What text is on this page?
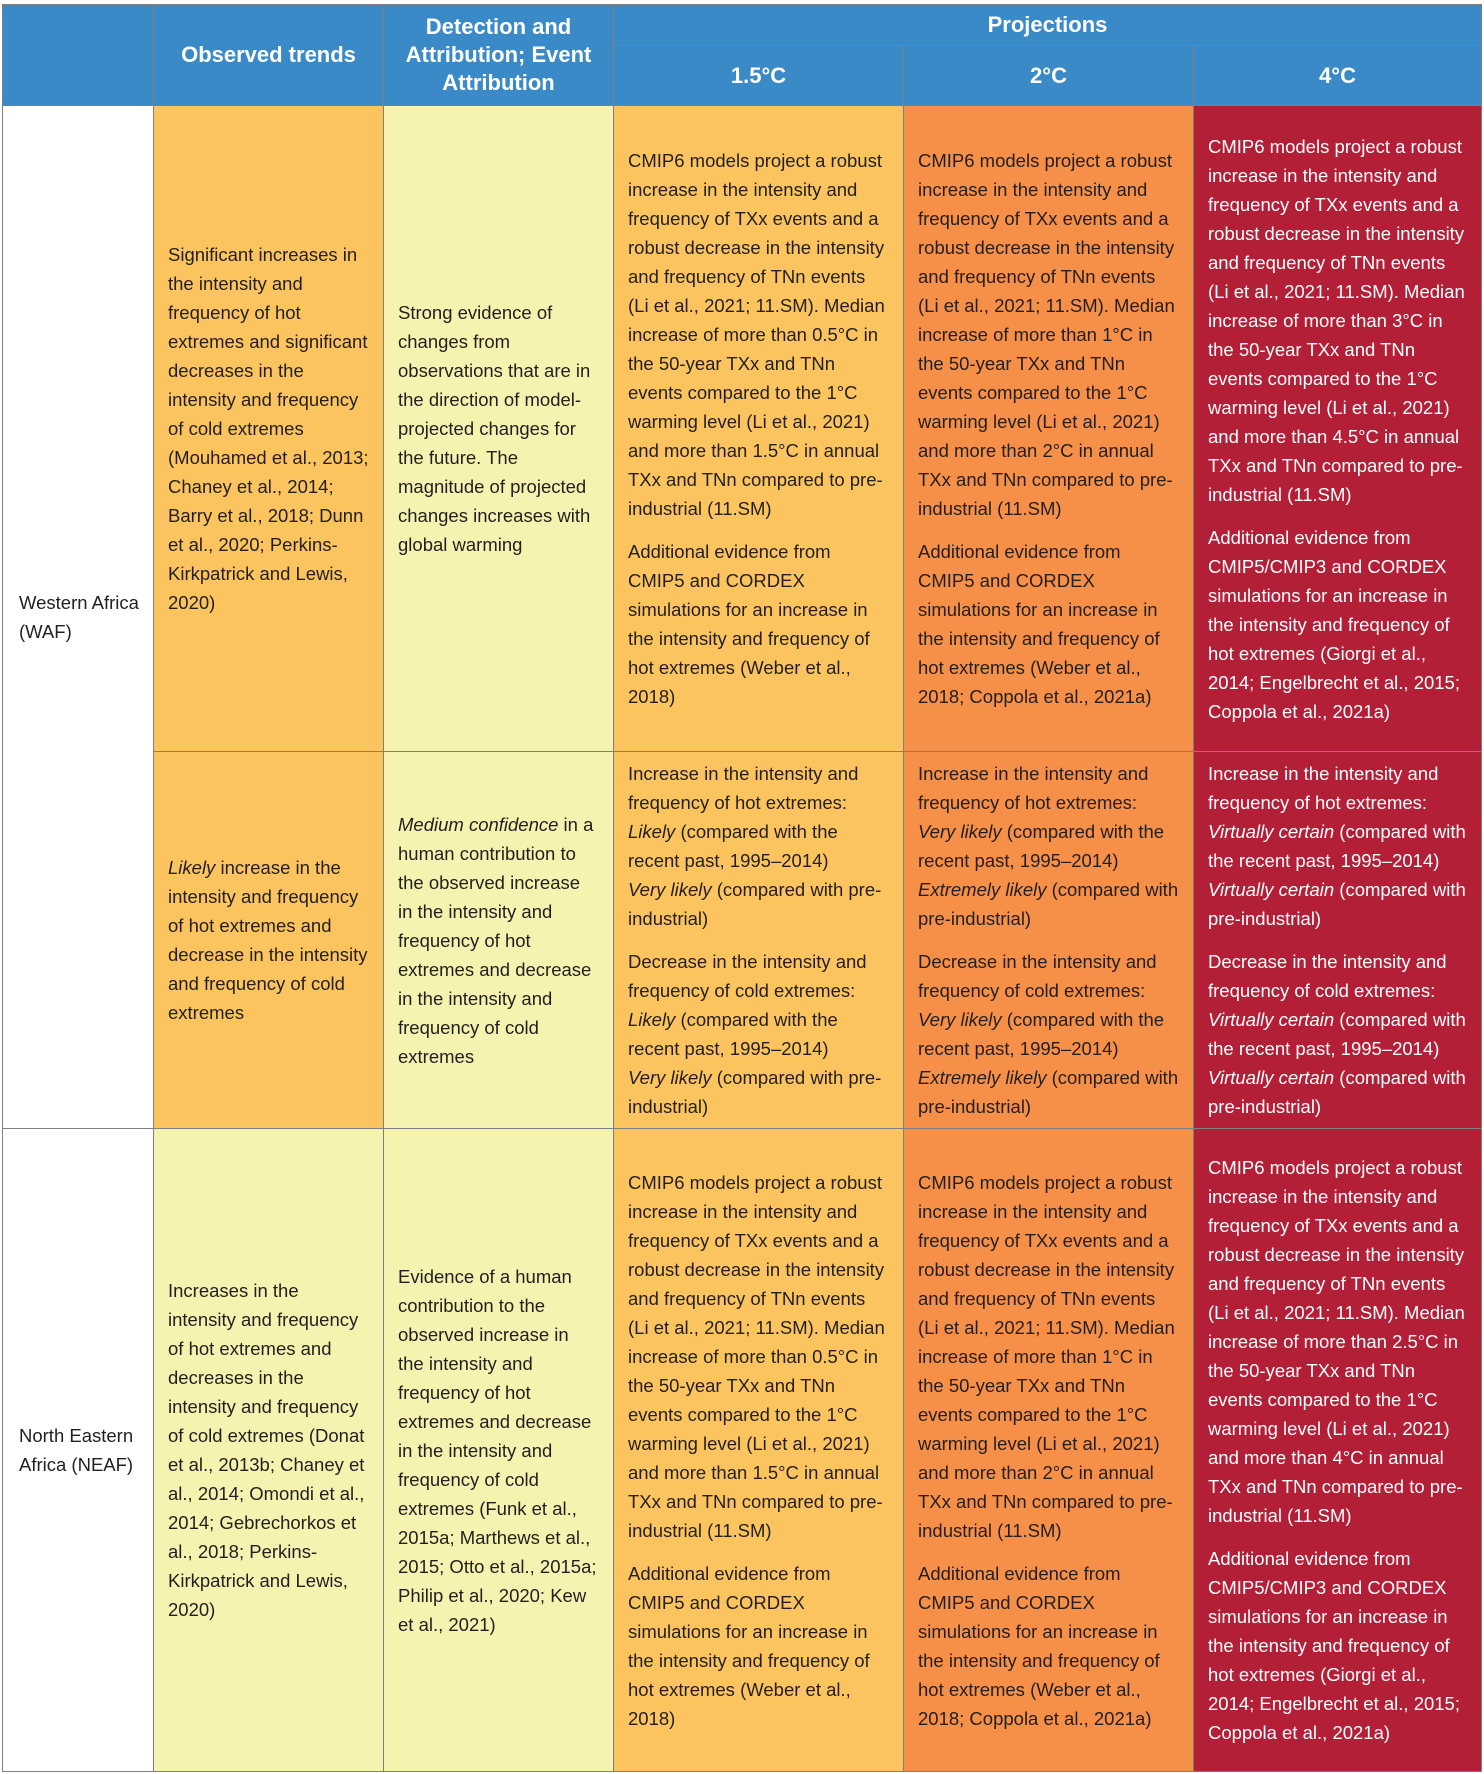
Observed trends
Detection and Attribution; Event Attribution
Projections
1.5°C	2°C	4°C
Western Africa (WAF)
Significant increases in the intensity and frequency of hot extremes and significant decreases in the intensity and frequency of cold extremes (Mouhamed et al., 2013; Chaney et al., 2014; Barry et al., 2018; Dunn et al., 2020; Perkins-Kirkpatrick and Lewis, 2020)
Strong evidence of changes from observations that are in the direction of model-projected changes for the future. The magnitude of projected changes increases with global warming

CMIP6 models project a robust increase in the intensity and frequency of TXx events and a robust decrease in the intensity and frequency of TNn events (Li et al., 2021; 11.SM). Median increase of more than 0.5°C in the 50-year TXx and TNn events compared to the 1°C warming level (Li et al., 2021) and more than 1.5°C in annual TXx and TNn compared to pre-industrial (11.SM)

Additional evidence from CMIP5 and CORDEX simulations for an increase in the intensity and frequency of hot extremes (Weber et al., 2018)

CMIP6 models project a robust increase in the intensity and frequency of TXx events and a robust decrease in the intensity and frequency of TNn events (Li et al., 2021; 11.SM). Median increase of more than 1°C in the 50-year TXx and TNn events compared to the 1°C warming level (Li et al., 2021) and more than 2°C in annual TXx and TNn compared to pre-industrial (11.SM)

Additional evidence from CMIP5 and CORDEX simulations for an increase in the intensity and frequency of hot extremes (Weber et al., 2018; Coppola et al., 2021a)

CMIP6 models project a robust increase in the intensity and frequency of TXx events and a robust decrease in the intensity and frequency of TNn events (Li et al., 2021; 11.SM). Median increase of more than 3°C in the 50-year TXx and TNn events compared to the 1°C warming level (Li et al., 2021) and more than 4.5°C in annual TXx and TNn compared to pre-industrial (11.SM)

Additional evidence from CMIP5/CMIP3 and CORDEX simulations for an increase in the intensity and frequency of hot extremes (Giorgi et al., 2014; Engelbrecht et al., 2015; Coppola et al., 2021a)

Likely increase in the intensity and frequency of hot extremes and decrease in the intensity and frequency of cold extremes

Medium confidence in a human contribution to the observed increase in the intensity and frequency of hot extremes and decrease in the intensity and frequency of cold extremes

Increase in the intensity and frequency of hot extremes:
Likely (compared with the recent past, 1995–2014)
Very likely (compared with pre-industrial)

Decrease in the intensity and frequency of cold extremes:
Likely (compared with the recent past, 1995–2014)
Very likely (compared with pre-industrial)

Increase in the intensity and frequency of hot extremes:
Very likely (compared with the recent past, 1995–2014)
Extremely likely (compared with pre-industrial)

Decrease in the intensity and frequency of cold extremes:
Very likely (compared with the recent past, 1995–2014)
Extremely likely (compared with pre-industrial)

Increase in the intensity and frequency of hot extremes:
Virtually certain (compared with the recent past, 1995–2014)
Virtually certain (compared with pre-industrial)

Decrease in the intensity and frequency of cold extremes:
Virtually certain (compared with the recent past, 1995–2014)
Virtually certain (compared with pre-industrial)

North Eastern Africa (NEAF)
Increases in the intensity and frequency of hot extremes and decreases in the intensity and frequency of cold extremes (Donat et al., 2013b; Chaney et al., 2014; Omondi et al., 2014; Gebrechorkos et al., 2018; Perkins-Kirkpatrick and Lewis, 2020)
Evidence of a human contribution to the observed increase in the intensity and frequency of hot extremes and decrease in the intensity and frequency of cold extremes (Funk et al., 2015a; Marthews et al., 2015; Otto et al., 2015a; Philip et al., 2020; Kew et al., 2021)

CMIP6 models project a robust increase in the intensity and frequency of TXx events and a robust decrease in the intensity and frequency of TNn events (Li et al., 2021; 11.SM). Median increase of more than 0.5°C in the 50-year TXx and TNn events compared to the 1°C warming level (Li et al., 2021) and more than 1.5°C in annual TXx and TNn compared to pre-industrial (11.SM)

Additional evidence from CMIP5 and CORDEX simulations for an increase in the intensity and frequency of hot extremes (Weber et al., 2018)

CMIP6 models project a robust increase in the intensity and frequency of TXx events and a robust decrease in the intensity and frequency of TNn events (Li et al., 2021; 11.SM). Median increase of more than 1°C in the 50-year TXx and TNn events compared to the 1°C warming level (Li et al., 2021) and more than 2°C in annual TXx and TNn compared to pre-industrial (11.SM)

Additional evidence from CMIP5 and CORDEX simulations for an increase in the intensity and frequency of hot extremes (Weber et al., 2018; Coppola et al., 2021a)

CMIP6 models project a robust increase in the intensity and frequency of TXx events and a robust decrease in the intensity and frequency of TNn events (Li et al., 2021; 11.SM). Median increase of more than 2.5°C in the 50-year TXx and TNn events compared to the 1°C warming level (Li et al., 2021) and more than 4°C in annual TXx and TNn compared to pre-industrial (11.SM)

Additional evidence from CMIP5/CMIP3 and CORDEX simulations for an increase in the intensity and frequency of hot extremes (Giorgi et al., 2014; Engelbrecht et al., 2015; Coppola et al., 2021a)
